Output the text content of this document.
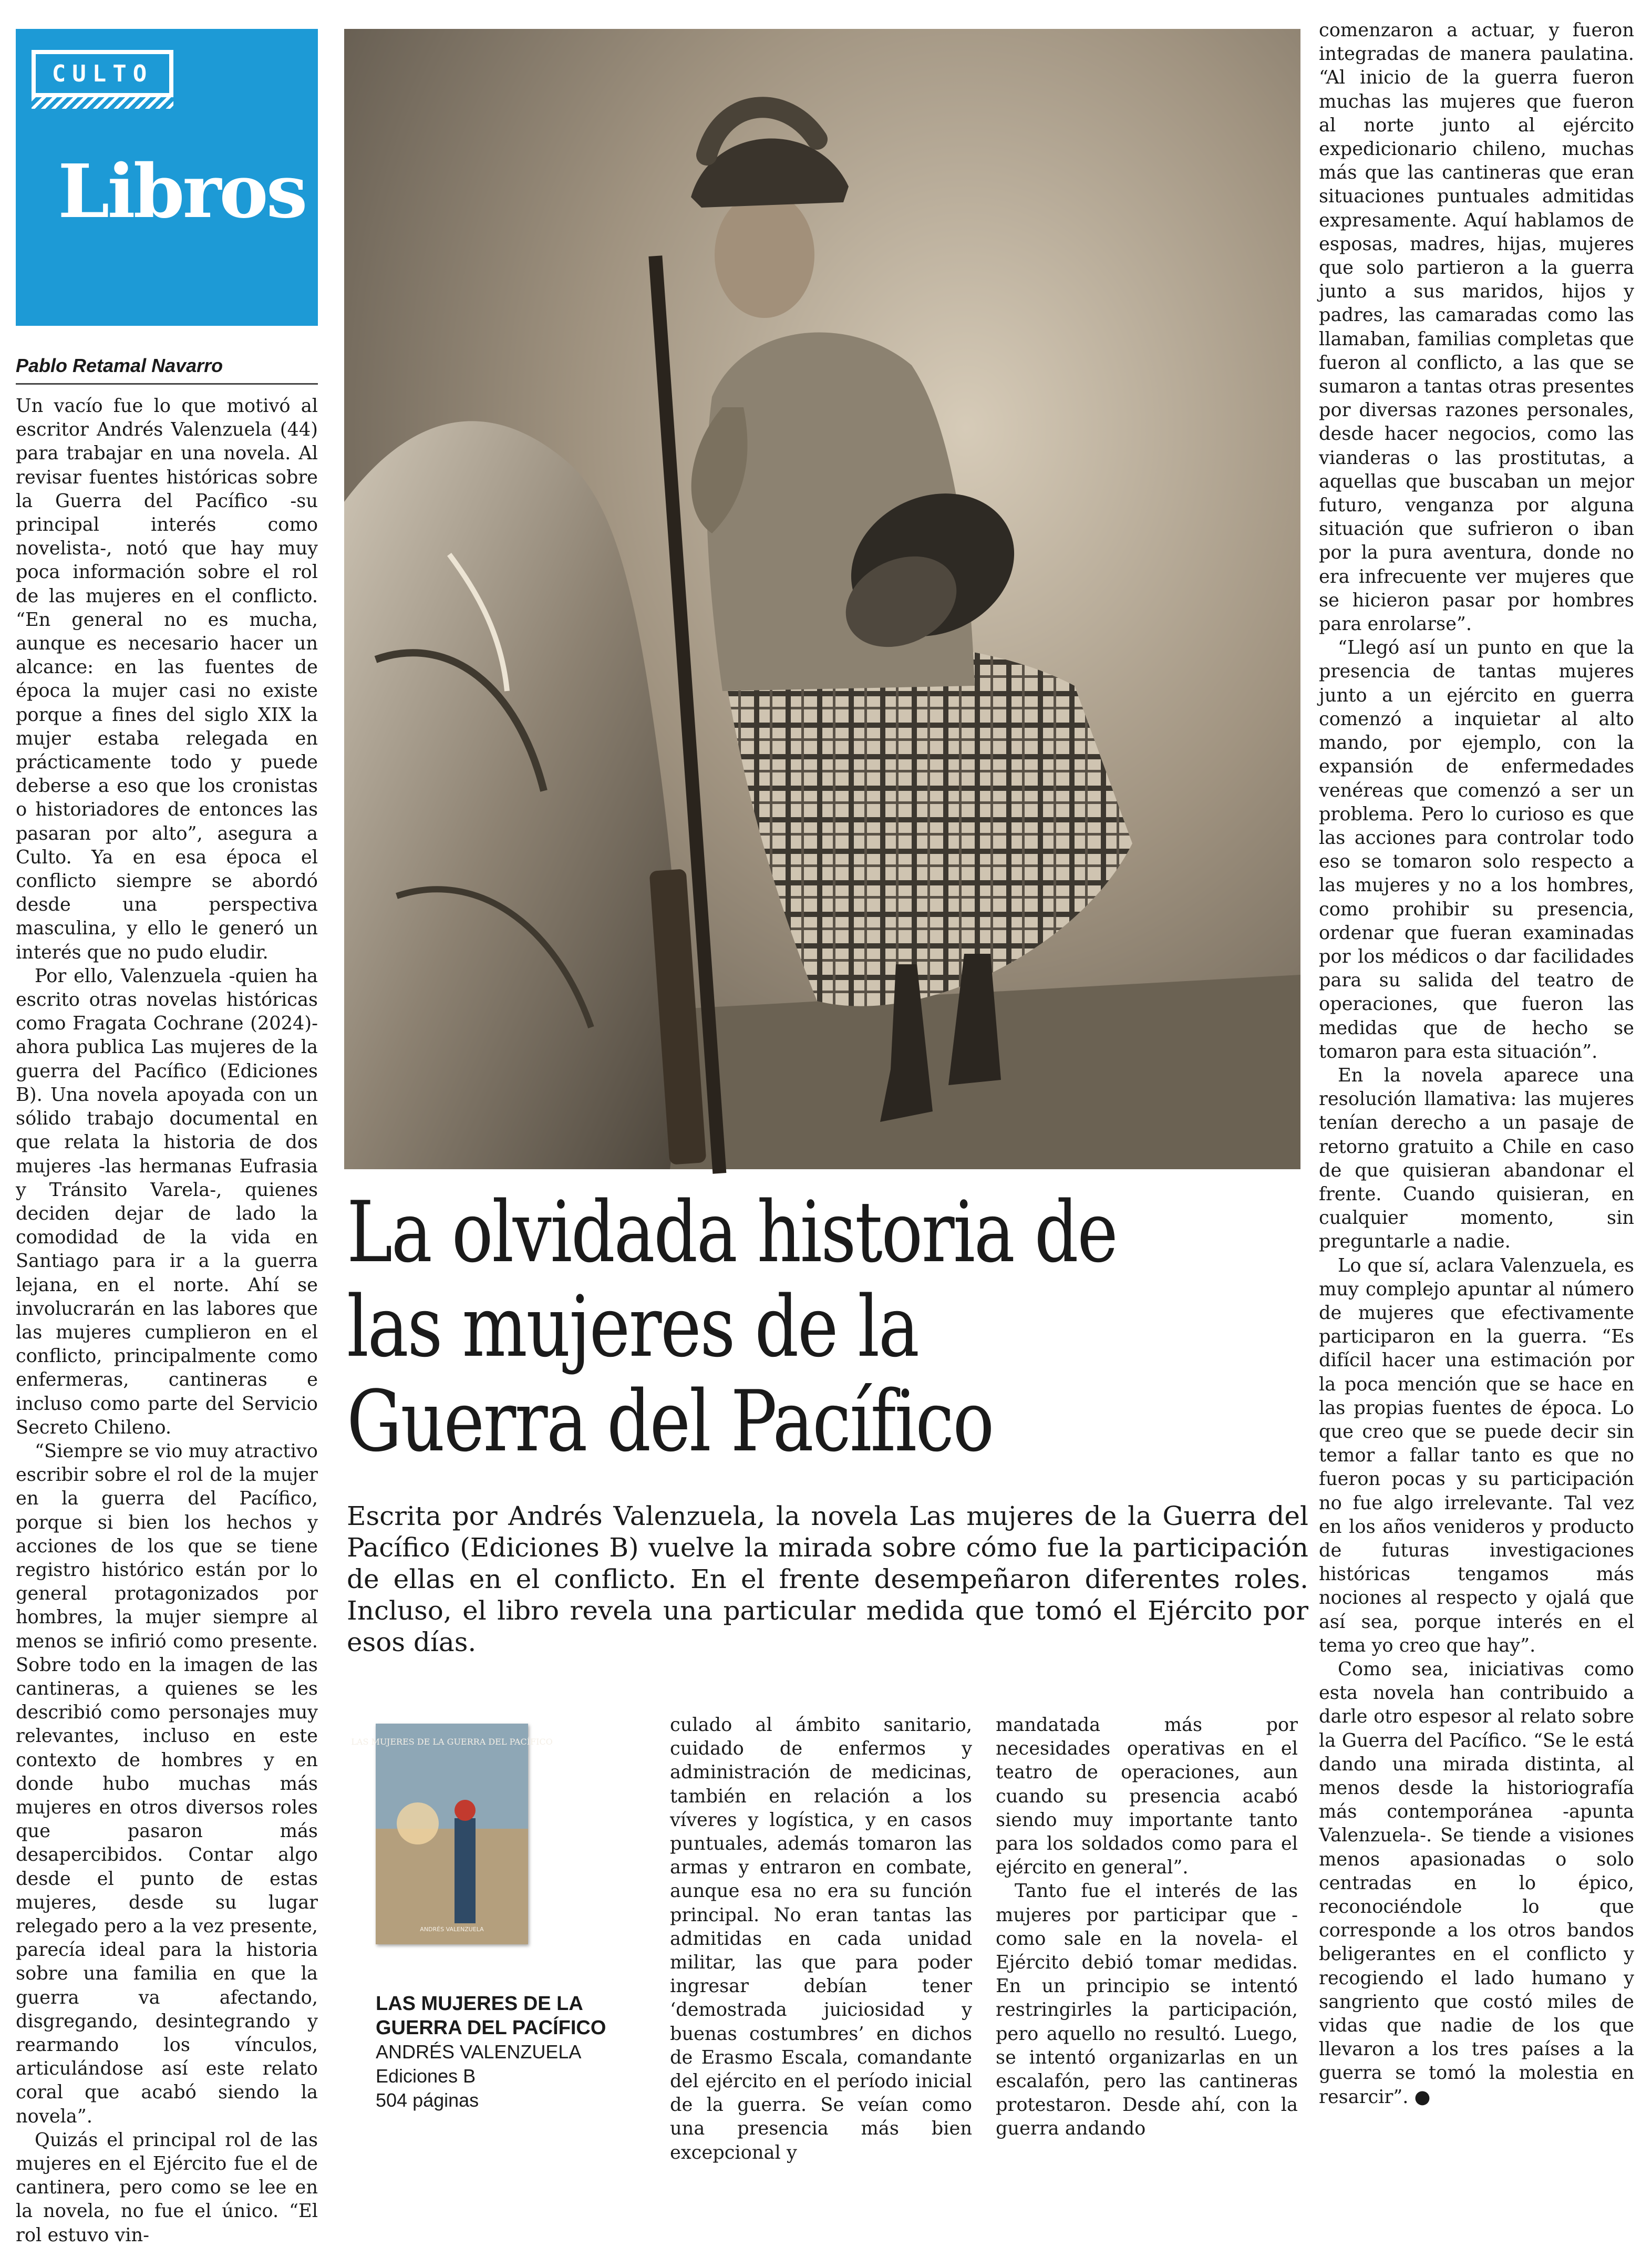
CULTO
Libros
Pablo Retamal Navarro

Un vacío fue lo que motivó al escritor Andrés Valenzuela (44) para trabajar en una novela. Al revisar fuentes históricas sobre la Guerra del Pacífico -su principal interés como novelista-, notó que hay muy poca información sobre el rol de las mujeres en el conflicto. “En general no es mucha, aunque es necesario hacer un alcance: en las fuentes de época la mujer casi no existe porque a fines del siglo XIX la mujer estaba relegada en prácticamente todo y puede deberse a eso que los cronistas o historiadores de entonces las pasaran por alto”, asegura a Culto. Ya en esa época el conflicto siempre se abordó desde una perspectiva masculina, y ello le generó un interés que no pudo eludir.

Por ello, Valenzuela -quien ha escrito otras novelas históricas como Fragata Cochrane (2024)- ahora publica Las mujeres de la guerra del Pacífico (Ediciones B). Una novela apoyada con un sólido trabajo documental en que relata la historia de dos mujeres -las hermanas Eufrasia y Tránsito Varela-, quienes deciden dejar de lado la comodidad de la vida en Santiago para ir a la guerra lejana, en el norte. Ahí se involucrarán en las labores que las mujeres cumplieron en el conflicto, principalmente como enfermeras, cantineras e incluso como parte del Servicio Secreto Chileno.

“Siempre se vio muy atractivo escribir sobre el rol de la mujer en la guerra del Pacífico, porque si bien los hechos y acciones de los que se tiene registro histórico están por lo general protagonizados por hombres, la mujer siempre al menos se infirió como presente. Sobre todo en la imagen de las cantineras, a quienes se les describió como personajes muy relevantes, incluso en este contexto de hombres y en donde hubo muchas más mujeres en otros diversos roles que pasaron más desapercibidos. Contar algo desde el punto de estas mujeres, desde su lugar relegado pero a la vez presente, parecía ideal para la historia sobre una familia en que la guerra va afectando, disgregando, desintegrando y rearmando los vínculos, articulándose así este relato coral que acabó siendo la novela”.

Quizás el principal rol de las mujeres en el Ejército fue el de cantinera, pero como se lee en la novela, no fue el único. “El rol estuvo vin-

La olvidada historia de
las mujeres de la
Guerra del Pacífico
Escrita por Andrés Valenzuela, la novela Las mujeres de la Guerra del Pacífico (Ediciones B) vuelve la mirada sobre cómo fue la participación de ellas en el conflicto. En el frente desempeñaron diferentes roles. Incluso, el libro revela una particular medida que tomó el Ejército por esos días.
LAS MUJERES DE LA GUERRA DEL PACÍFICO
ANDRÉS VALENZUELA
LAS MUJERES DE LA
GUERRA DEL PACÍFICO
ANDRÉS VALENZUELA
Ediciones B
504 páginas

culado al ámbito sanitario, cuidado de enfermos y administración de medicinas, también en relación a los víveres y logística, y en casos puntuales, además tomaron las armas y entraron en combate, aunque esa no era su función principal. No eran tantas las admitidas en cada unidad militar, las que para poder ingresar debían tener ‘demostrada juiciosidad y buenas costumbres’ en dichos de Erasmo Escala, comandante del ejército en el período inicial de la guerra. Se veían como una presencia más bien excepcional y

mandatada más por necesidades operativas en el teatro de operaciones, aun cuando su presencia acabó siendo muy importante tanto para los soldados como para el ejército en general”.

Tanto fue el interés de las mujeres por participar que -como sale en la novela- el Ejército debió tomar medidas. En un principio se intentó restringirles la participación, pero aquello no resultó. Luego, se intentó organizarlas en un escalafón, pero las cantineras protestaron. Desde ahí, con la guerra andando

comenzaron a actuar, y fueron integradas de manera paulatina. “Al inicio de la guerra fueron muchas las mujeres que fueron al norte junto al ejército expedicionario chileno, muchas más que las cantineras que eran situaciones puntuales admitidas expresamente. Aquí hablamos de esposas, madres, hijas, mujeres que solo partieron a la guerra junto a sus maridos, hijos y padres, las camaradas como las llamaban, familias completas que fueron al conflicto, a las que se sumaron a tantas otras presentes por diversas razones personales, desde hacer negocios, como las vianderas o las prostitutas, a aquellas que buscaban un mejor futuro, venganza por alguna situación que sufrieron o iban por la pura aventura, donde no era infrecuente ver mujeres que se hicieron pasar por hombres para enrolarse”.

“Llegó así un punto en que la presencia de tantas mujeres junto a un ejército en guerra comenzó a inquietar al alto mando, por ejemplo, con la expansión de enfermedades venéreas que comenzó a ser un problema. Pero lo curioso es que las acciones para controlar todo eso se tomaron solo respecto a las mujeres y no a los hombres, como prohibir su presencia, ordenar que fueran examinadas por los médicos o dar facilidades para su salida del teatro de operaciones, que fueron las medidas que de hecho se tomaron para esta situación”.

En la novela aparece una resolución llamativa: las mujeres tenían derecho a un pasaje de retorno gratuito a Chile en caso de que quisieran abandonar el frente. Cuando quisieran, en cualquier momento, sin preguntarle a nadie.

Lo que sí, aclara Valenzuela, es muy complejo apuntar al número de mujeres que efectivamente participaron en la guerra. “Es difícil hacer una estimación por la poca mención que se hace en las propias fuentes de época. Lo que creo que se puede decir sin temor a fallar tanto es que no fueron pocas y su participación no fue algo irrelevante. Tal vez en los años venideros y producto de futuras investigaciones históricas tengamos más nociones al respecto y ojalá que así sea, porque interés en el tema yo creo que hay”.

Como sea, iniciativas como esta novela han contribuido a darle otro espesor al relato sobre la Guerra del Pacífico. “Se le está dando una mirada distinta, al menos desde la historiografía más contemporánea -apunta Valenzuela-. Se tiende a visiones menos apasionadas o solo centradas en lo épico, reconociéndole lo que corresponde a los otros bandos beligerantes en el conflicto y recogiendo el lado humano y sangriento que costó miles de vidas que nadie de los que llevaron a los tres países a la guerra se tomó la molestia en resarcir”. ●
